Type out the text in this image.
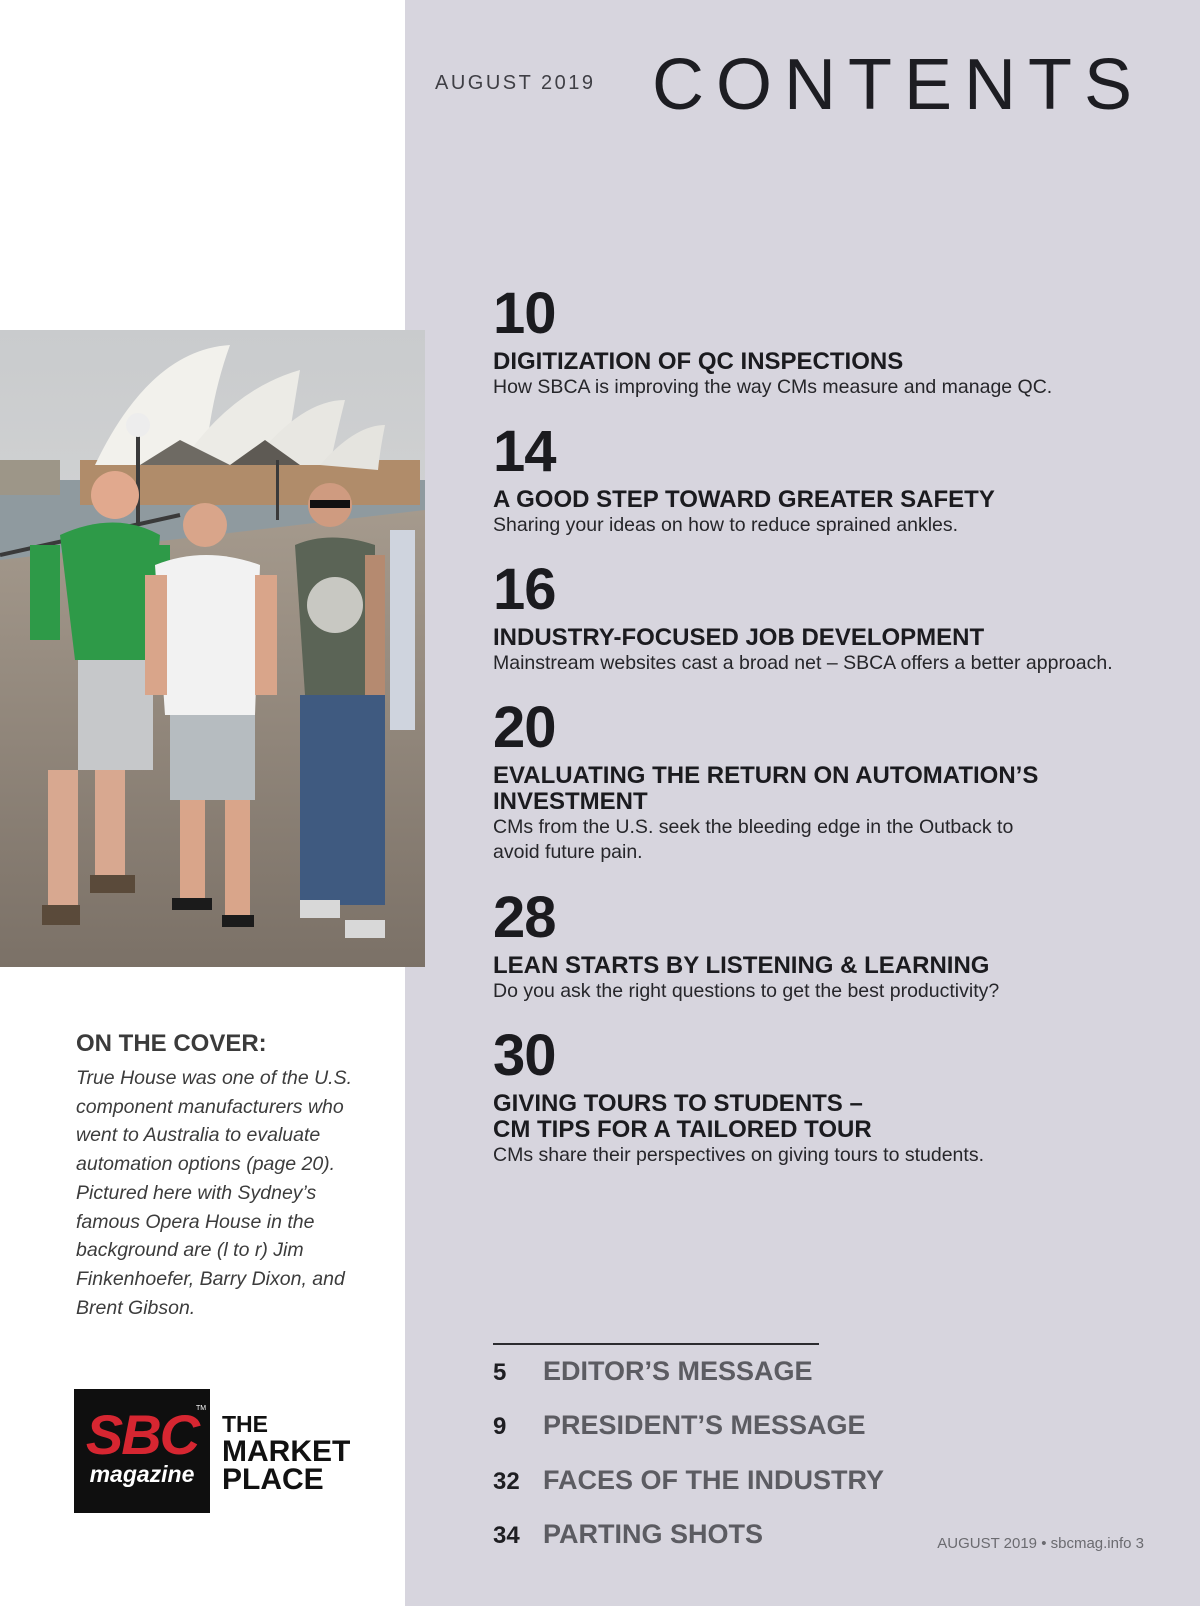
AUGUST 2019 CONTENTS
ON THE COVER:

True House was one of the U.S. component manufacturers who went to Australia to evaluate automation options (page 20). Pictured here with Sydney’s famous Opera House in the background are (l to r) Jim Finkenhoefer, Barry Dixon, and Brent Gibson.

SBC
TM
magazine
THE
MARKET
PLACE
10
DIGITIZATION OF QC INSPECTIONS
How SBCA is improving the way CMs measure and manage QC.
14
A GOOD STEP TOWARD GREATER SAFETY
Sharing your ideas on how to reduce sprained ankles.
16
INDUSTRY-FOCUSED JOB DEVELOPMENT
Mainstream websites cast a broad net – SBCA offers a better approach.
20
EVALUATING THE RETURN ON AUTOMATION’S INVESTMENT
CMs from the U.S. seek the bleeding edge in the Outback to avoid future pain.
28
LEAN STARTS BY LISTENING & LEARNING
Do you ask the right questions to get the best productivity?
30
GIVING TOURS TO STUDENTS – CM TIPS FOR A TAILORED TOUR
CMs share their perspectives on giving tours to students.
5 EDITOR’S MESSAGE
9 PRESIDENT’S MESSAGE
32 FACES OF THE INDUSTRY
34 PARTING SHOTS	AUGUST 2019 • sbcmag.info 3
